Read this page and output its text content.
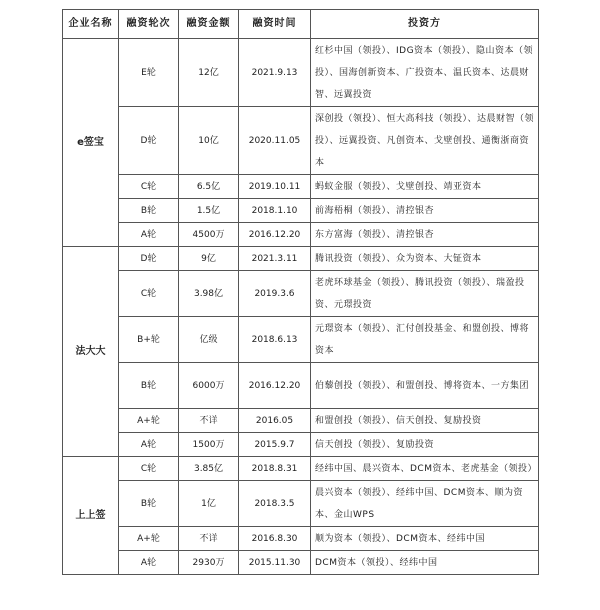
企业名称	融资轮次	融资金额	融资时间	投资方
e签宝	E轮	12亿	2021.9.13	红杉中国（领投）、IDG资本（领投）、隐山资本（领投）、国海创新资本、广投资本、温氏资本、达晨财智、远翼投资
	D轮	10亿	2020.11.05	深创投（领投）、恒大高科技（领投）、达晨财智（领投）、远翼投资、凡创资本、戈壁创投、通衡浙商资本
	C轮	6.5亿	2019.10.11	蚂蚁金服（领投）、戈壁创投、靖亚资本
	B轮	1.5亿	2018.1.10	前海梧桐（领投）、清控银杏
	A轮	4500万	2016.12.20	东方富海（领投）、清控银杏
法大大	D轮	9亿	2021.3.11	腾讯投资（领投）、众为资本、大钲资本
	C轮	3.98亿	2019.3.6	老虎环球基金（领投）、腾讯投资（领投）、瑞盈投资、元璟投资
	B+轮	亿级	2018.6.13	元璟资本（领投）、汇付创投基金、和盟创投、博将资本
	B轮	6000万	2016.12.20	伯藜创投（领投）、和盟创投、博将资本、一方集团
	A+轮	不详	2016.05	和盟创投（领投）、信天创投、复励投资
	A轮	1500万	2015.9.7	信天创投（领投）、复励投资
上上签	C轮	3.85亿	2018.8.31	经纬中国、晨兴资本、DCM资本、老虎基金（领投）
	B轮	1亿	2018.3.5	晨兴资本（领投）、经纬中国、DCM资本、顺为资本、金山WPS
	A+轮	不详	2016.8.30	顺为资本（领投）、DCM资本、经纬中国
	A轮	2930万	2015.11.30	DCM资本（领投）、经纬中国
